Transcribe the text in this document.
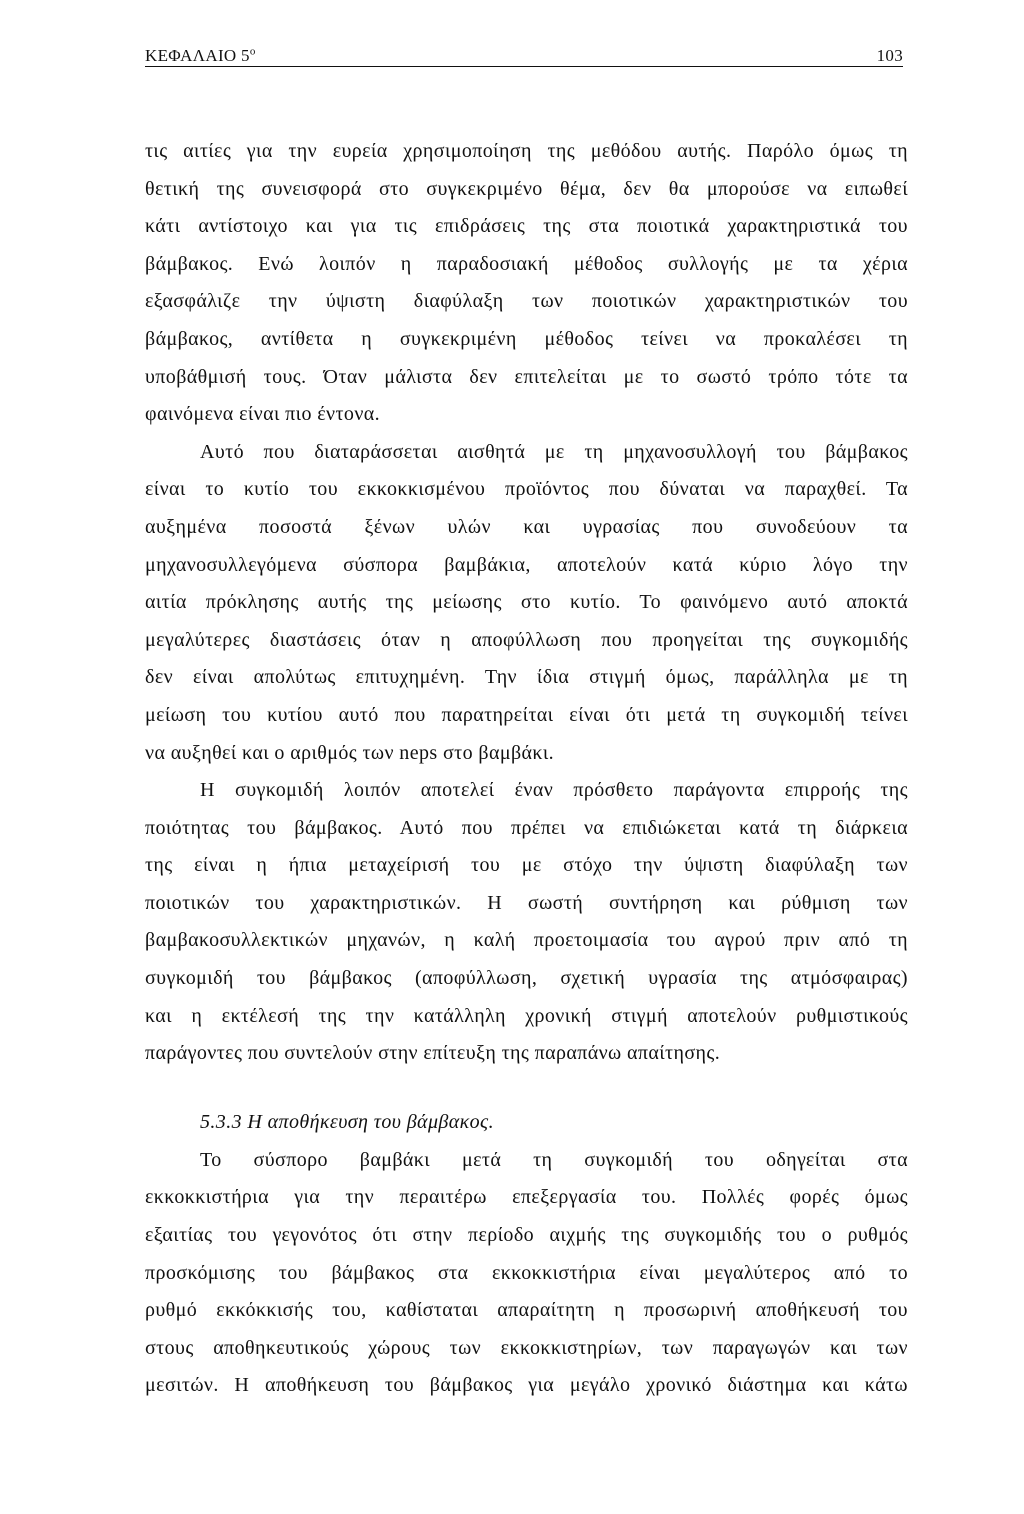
ΚΕΦΑΛΑΙΟ $5^o$	103
τις αιτίες για την ευρεία χρησιμοποίηση της μεθόδου αυτής. Παρόλο όμως τη
θετική της συνεισφορά στο συγκεκριμένο θέμα, δεν θα μπορούσε να ειπωθεί
κάτι αντίστοιχο και για τις επιδράσεις της στα ποιοτικά χαρακτηριστικά του
βάμβακος. Ενώ λοιπόν η παραδοσιακή μέθοδος συλλογής με τα χέρια
εξασφάλιζε την ύψιστη διαφύλαξη των ποιοτικών χαρακτηριστικών του
βάμβακος, αντίθετα η συγκεκριμένη μέθοδος τείνει να προκαλέσει τη
υποβάθμισή τους. Όταν μάλιστα δεν επιτελείται με το σωστό τρόπο τότε τα
φαινόμενα είναι πιο έντονα.
Αυτό που διαταράσσεται αισθητά με τη μηχανοσυλλογή του βάμβακος
είναι το κυτίο του εκκοκκισμένου προϊόντος που δύναται να παραχθεί. Τα
αυξημένα ποσοστά ξένων υλών και υγρασίας που συνοδεύουν τα
μηχανοσυλλεγόμενα σύσπορα βαμβάκια, αποτελούν κατά κύριο λόγο την
αιτία πρόκλησης αυτής της μείωσης στο κυτίο. Το φαινόμενο αυτό αποκτά
μεγαλύτερες διαστάσεις όταν η αποφύλλωση που προηγείται της συγκομιδής
δεν είναι απολύτως επιτυχημένη. Την ίδια στιγμή όμως, παράλληλα με τη
μείωση του κυτίου αυτό που παρατηρείται είναι ότι μετά τη συγκομιδή τείνει
να αυξηθεί και ο αριθμός των neps στο βαμβάκι.
Η συγκομιδή λοιπόν αποτελεί έναν πρόσθετο παράγοντα επιρροής της
ποιότητας του βάμβακος. Αυτό που πρέπει να επιδιώκεται κατά τη διάρκεια
της είναι η ήπια μεταχείρισή του με στόχο την ύψιστη διαφύλαξη των
ποιοτικών του χαρακτηριστικών. Η σωστή συντήρηση και ρύθμιση των
βαμβακοσυλλεκτικών μηχανών, η καλή προετοιμασία του αγρού πριν από τη
συγκομιδή του βάμβακος (αποφύλλωση, σχετική υγρασία της ατμόσφαιρας)
και η εκτέλεσή της την κατάλληλη χρονική στιγμή αποτελούν ρυθμιστικούς
παράγοντες που συντελούν στην επίτευξη της παραπάνω απαίτησης.
5.3.3 Η αποθήκευση του βάμβακος.
Το σύσπορο βαμβάκι μετά τη συγκομιδή του οδηγείται στα
εκκοκκιστήρια για την περαιτέρω επεξεργασία του. Πολλές φορές όμως
εξαιτίας του γεγονότος ότι στην περίοδο αιχμής της συγκομιδής του ο ρυθμός
προσκόμισης του βάμβακος στα εκκοκκιστήρια είναι μεγαλύτερος από το
ρυθμό εκκόκκισής του, καθίσταται απαραίτητη η προσωρινή αποθήκευσή του
στους αποθηκευτικούς χώρους των εκκοκκιστηρίων, των παραγωγών και των
μεσιτών. Η αποθήκευση του βάμβακος για μεγάλο χρονικό διάστημα και κάτω
